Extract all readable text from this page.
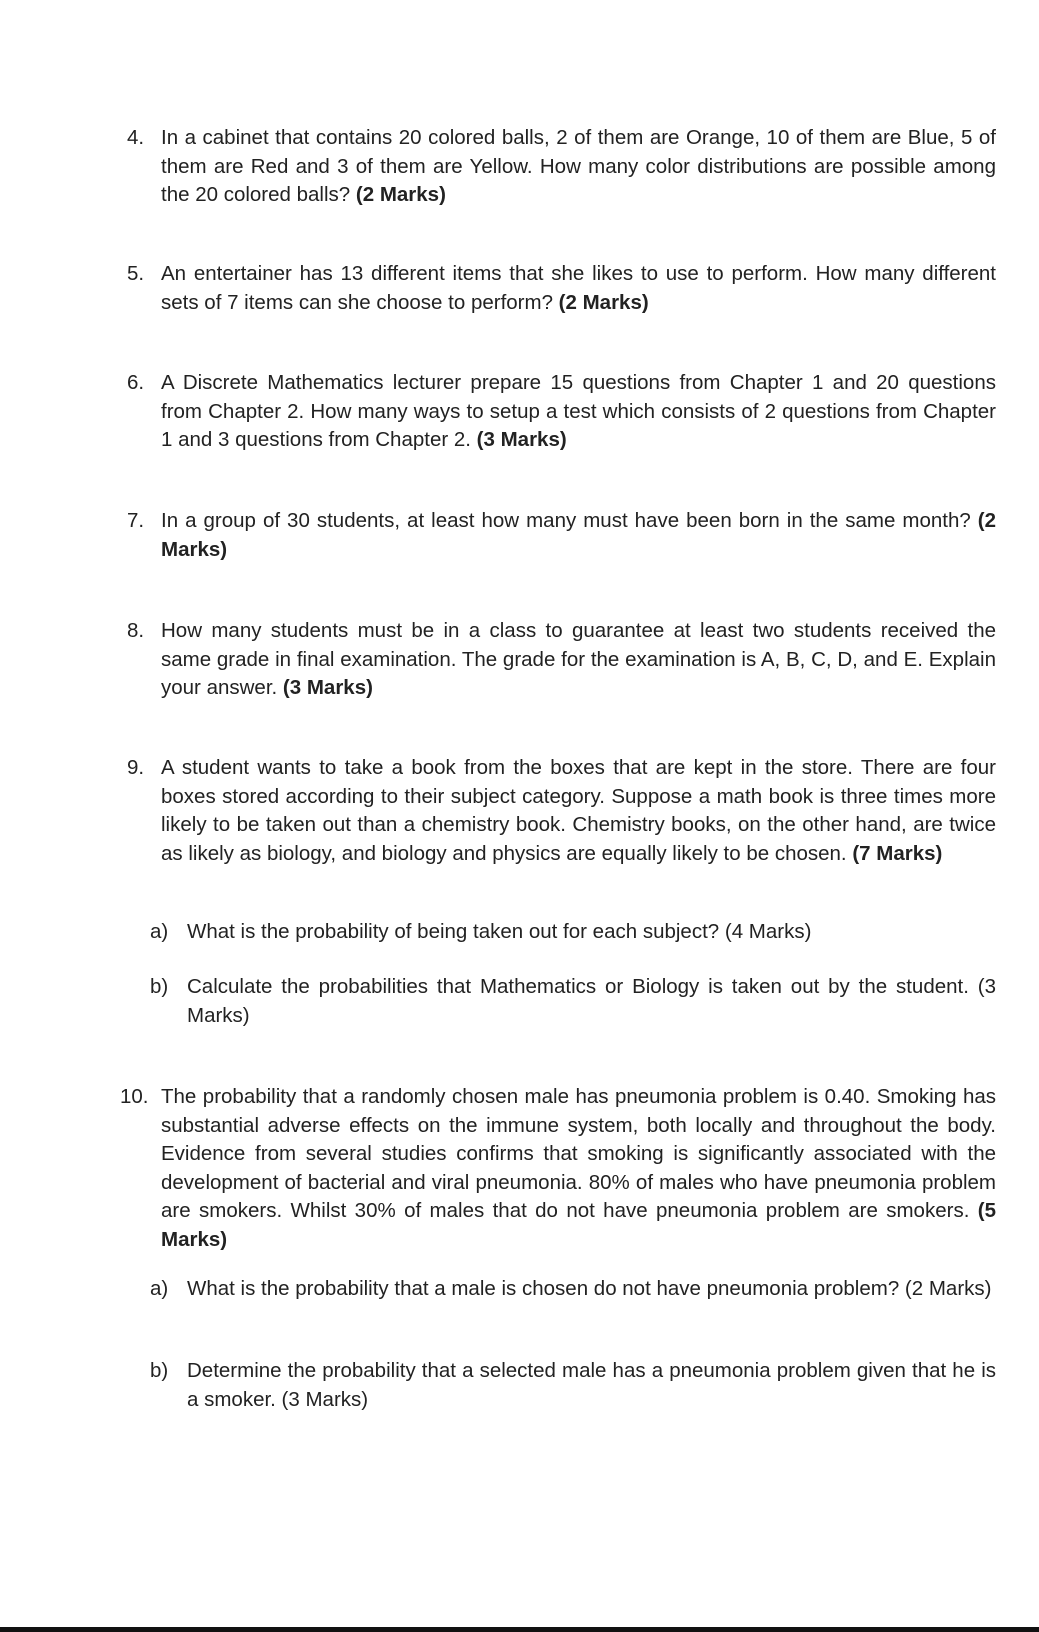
4. In a cabinet that contains 20 colored balls, 2 of them are Orange, 10 of them are Blue, 5 of them are Red and 3 of them are Yellow. How many color distributions are possible among the 20 colored balls? (2 Marks)
5. An entertainer has 13 different items that she likes to use to perform. How many different sets of 7 items can she choose to perform? (2 Marks)
6. A Discrete Mathematics lecturer prepare 15 questions from Chapter 1 and 20 questions from Chapter 2. How many ways to setup a test which consists of 2 questions from Chapter 1 and 3 questions from Chapter 2. (3 Marks)
7. In a group of 30 students, at least how many must have been born in the same month? (2 Marks)
8. How many students must be in a class to guarantee at least two students received the same grade in final examination. The grade for the examination is A, B, C, D, and E. Explain your answer. (3 Marks)
9. A student wants to take a book from the boxes that are kept in the store. There are four boxes stored according to their subject category. Suppose a math book is three times more likely to be taken out than a chemistry book. Chemistry books, on the other hand, are twice as likely as biology, and biology and physics are equally likely to be chosen. (7 Marks)
a) What is the probability of being taken out for each subject? (4 Marks)
b) Calculate the probabilities that Mathematics or Biology is taken out by the student. (3 Marks)
10. The probability that a randomly chosen male has pneumonia problem is 0.40. Smoking has substantial adverse effects on the immune system, both locally and throughout the body. Evidence from several studies confirms that smoking is significantly associated with the development of bacterial and viral pneumonia. 80% of males who have pneumonia problem are smokers. Whilst 30% of males that do not have pneumonia problem are smokers. (5 Marks)
a) What is the probability that a male is chosen do not have pneumonia problem? (2 Marks)
b) Determine the probability that a selected male has a pneumonia problem given that he is a smoker. (3 Marks)
